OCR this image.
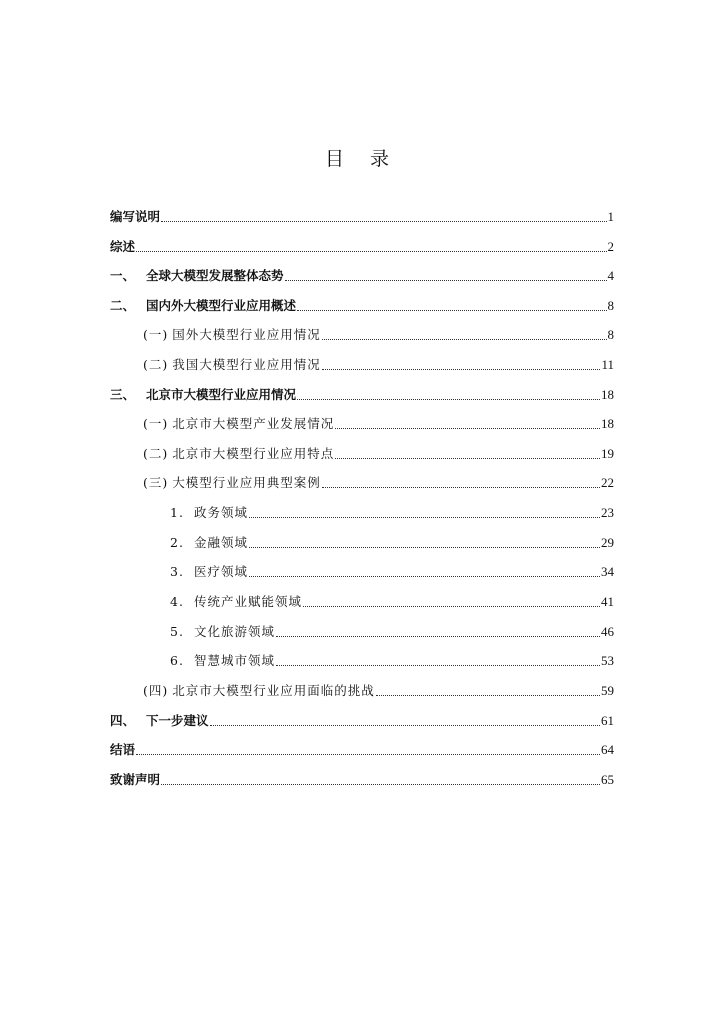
目 录
编写说明	1
综述	2
一、 全球大模型发展整体态势	4
二、 国内外大模型行业应用概述	8
(一) 国外大模型行业应用情况	8
(二) 我国大模型行业应用情况	11
三、 北京市大模型行业应用情况	18
(一) 北京市大模型产业发展情况	18
(二) 北京市大模型行业应用特点	19
(三) 大模型行业应用典型案例	22
1. 政务领域	23
2. 金融领域	29
3. 医疗领域	34
4. 传统产业赋能领域	41
5. 文化旅游领域	46
6. 智慧城市领域	53
(四) 北京市大模型行业应用面临的挑战	59
四、 下一步建议	61
结语	64
致谢声明	65
